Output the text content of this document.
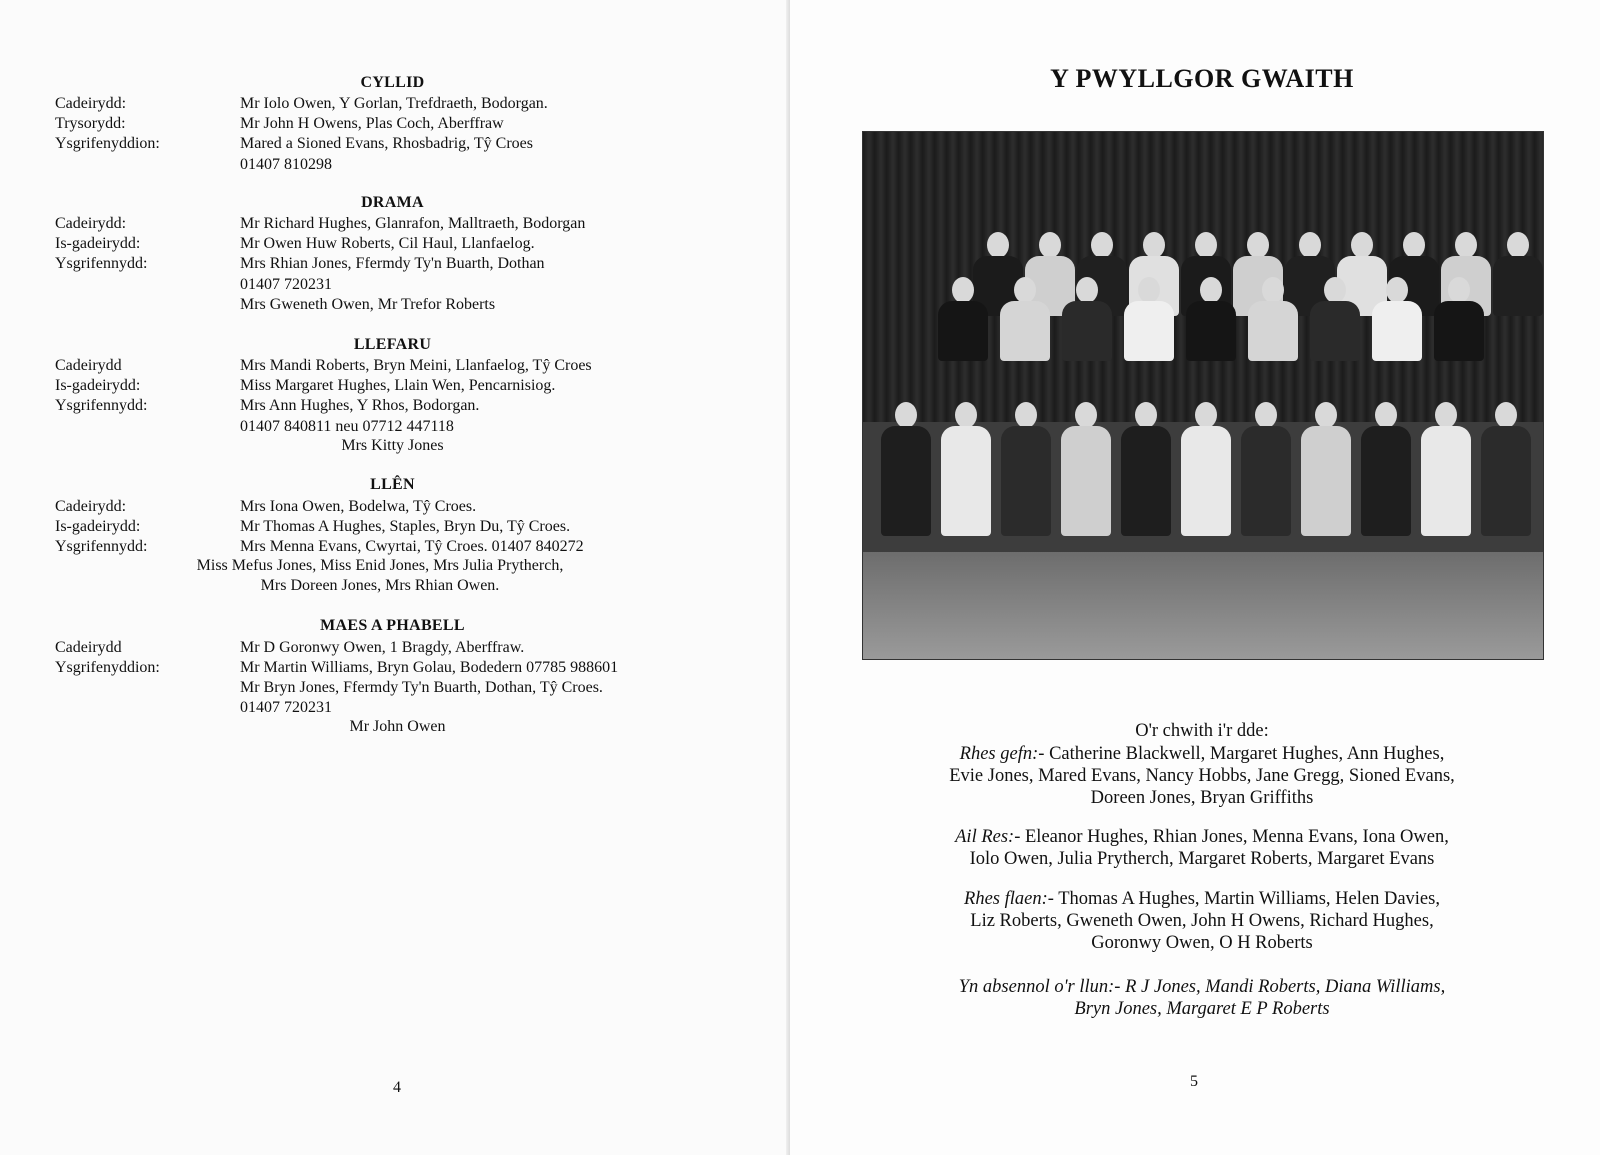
CYLLID
Cadeirydd:	Mr Iolo Owen, Y Gorlan, Trefdraeth, Bodorgan.
Trysorydd:	Mr John H Owens, Plas Coch, Aberffraw
Ysgrifenyddion:	Mared a Sioned Evans, Rhosbadrig, Tŷ Croes
01407 810298
DRAMA
Cadeirydd:	Mr Richard Hughes, Glanrafon, Malltraeth, Bodorgan
Is-gadeirydd:	Mr Owen Huw Roberts, Cil Haul, Llanfaelog.
Ysgrifennydd:	Mrs Rhian Jones, Ffermdy Ty'n Buarth, Dothan
01407 720231
Mrs Gweneth Owen, Mr Trefor Roberts
LLEFARU
Cadeirydd	Mrs Mandi Roberts, Bryn Meini, Llanfaelog, Tŷ Croes
Is-gadeirydd:	Miss Margaret Hughes, Llain Wen, Pencarnisiog.
Ysgrifennydd:	Mrs Ann Hughes, Y Rhos, Bodorgan.
01407 840811 neu 07712 447118
Mrs Kitty Jones
LLÊN
Cadeirydd:	Mrs Iona Owen, Bodelwa, Tŷ Croes.
Is-gadeirydd:	Mr Thomas A Hughes, Staples, Bryn Du, Tŷ Croes.
Ysgrifennydd:	Mrs Menna Evans, Cwyrtai, Tŷ Croes. 01407 840272
Miss Mefus Jones, Miss Enid Jones, Mrs Julia Prytherch,
Mrs Doreen Jones, Mrs Rhian Owen.
MAES A PHABELL
Cadeirydd	Mr D Goronwy Owen, 1 Bragdy, Aberffraw.
Ysgrifenyddion:	Mr Martin Williams, Bryn Golau, Bodedern 07785 988601
Mr Bryn Jones, Ffermdy Ty'n Buarth, Dothan, Tŷ Croes.
01407 720231
Mr John Owen
4
Y PWYLLGOR GWAITH
O'r chwith i'r dde:
Rhes gefn:- Catherine Blackwell, Margaret Hughes, Ann Hughes,
Evie Jones, Mared Evans, Nancy Hobbs, Jane Gregg, Sioned Evans,
Doreen Jones, Bryan Griffiths
Ail Res:- Eleanor Hughes, Rhian Jones, Menna Evans, Iona Owen,
Iolo Owen, Julia Prytherch, Margaret Roberts, Margaret Evans
Rhes flaen:- Thomas A Hughes, Martin Williams, Helen Davies,
Liz Roberts, Gweneth Owen, John H Owens, Richard Hughes,
Goronwy Owen, O H Roberts
Yn absennol o'r llun:- R J Jones, Mandi Roberts, Diana Williams,
Bryn Jones, Margaret E P Roberts
5
